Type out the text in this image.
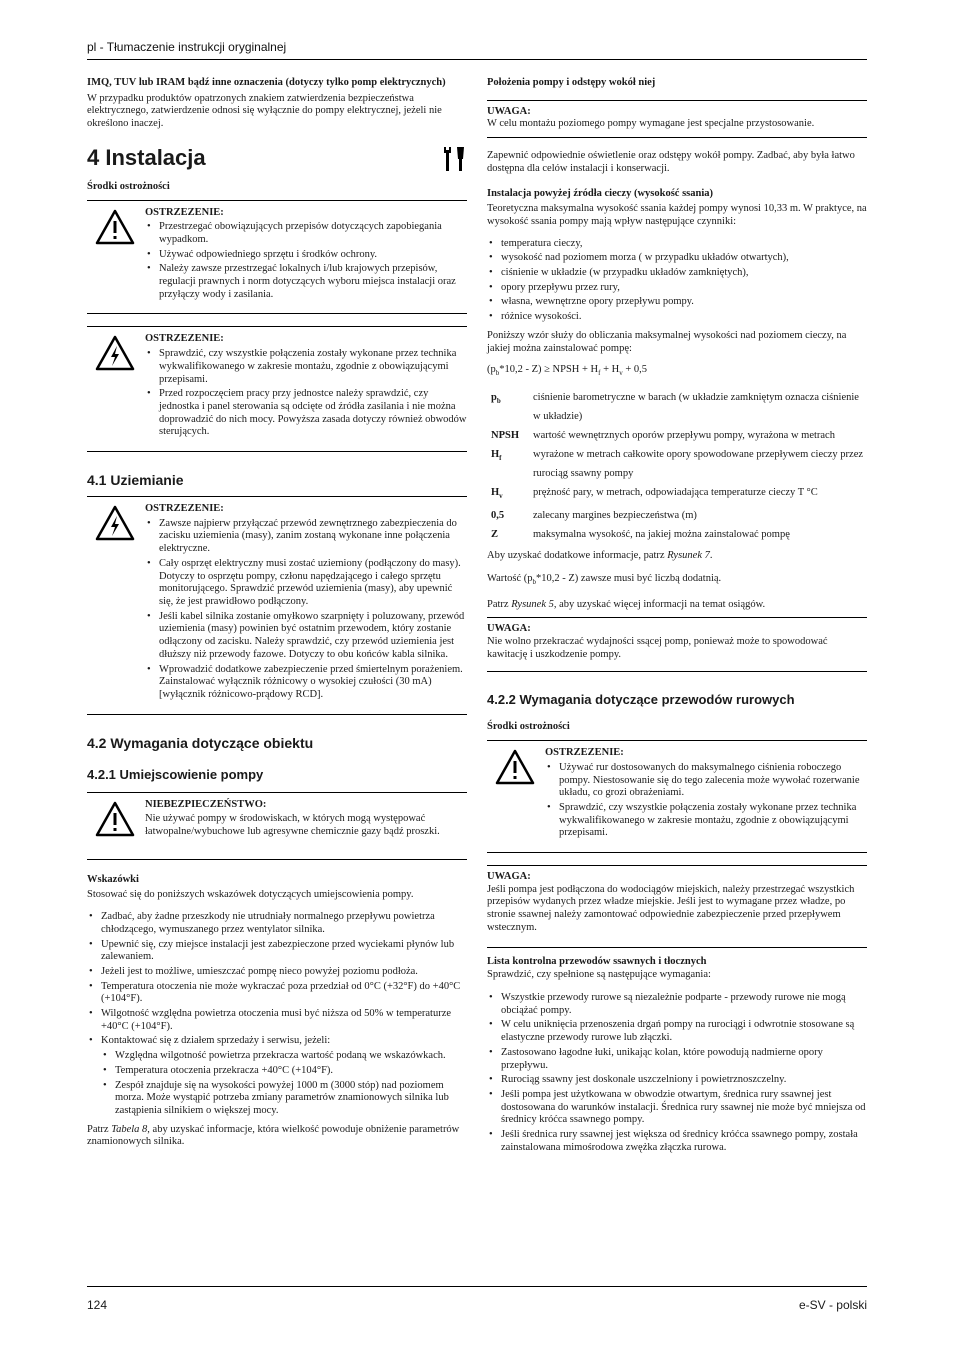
pl - Tłumaczenie instrukcji oryginalnej
IMQ, TUV lub IRAM bądź inne oznaczenia (dotyczy tylko pomp elektrycznych)
W przypadku produktów opatrzonych znakiem zatwierdzenia bezpieczeństwa elektrycznego, zatwierdzenie odnosi się wyłącznie do pompy elektrycznej, jeżeli nie określono inaczej.
4 Instalacja
Środki ostrożności
OSTRZEZENIE:
• Przestrzegać obowiązujących przepisów dotyczących zapobiegania wypadkom.
• Używać odpowiedniego sprzętu i środków ochrony.
• Należy zawsze przestrzegać lokalnych i/lub krajowych przepisów, regulacji prawnych i norm dotyczących wyboru miejsca instalacji oraz przyłączy wody i zasilania.
OSTRZEZENIE:
• Sprawdzić, czy wszystkie połączenia zostały wykonane przez technika wykwalifikowanego w zakresie montażu, zgodnie z obowiązującymi przepisami.
• Przed rozpoczęciem pracy przy jednostce należy sprawdzić, czy jednostka i panel sterowania są odcięte od źródła zasilania i nie można doprowadzić do nich mocy. Powyższa zasada dotyczy również obwodów sterujących.
4.1 Uziemianie
OSTRZEZENIE:
• Zawsze najpierw przyłączać przewód zewnętrznego zabezpieczenia do zacisku uziemienia (masy), zanim zostaną wykonane inne połączenia elektryczne.
• Cały osprzęt elektryczny musi zostać uziemiony (podłączony do masy). Dotyczy to osprzętu pompy, członu napędzającego i całego sprzętu monitorującego. Sprawdzić przewód uziemienia (masy), aby upewnić się, że jest prawidłowo podłączony.
• Jeśli kabel silnika zostanie omyłkowo szarpnięty i poluzowany, przewód uziemienia (masy) powinien być ostatnim przewodem, który zostanie odłączony od zacisku. Należy sprawdzić, czy przewód uziemienia jest dłuższy niż przewody fazowe. Dotyczy to obu końców kabla silnika.
• Wprowadzić dodatkowe zabezpieczenie przed śmiertelnym porażeniem. Zainstalować wyłącznik różnicowy o wysokiej czułości (30 mA) [wyłącznik różnicowo-prądowy RCD].
4.2 Wymagania dotyczące obiektu
4.2.1 Umiejscowienie pompy
NIEBEZPIECZEŃSTWO:
Nie używać pompy w środowiskach, w których mogą występować łatwopalne/wybuchowe lub agresywne chemicznie gazy bądź proszki.
Wskazówki
Stosować się do poniższych wskazówek dotyczących umiejscowienia pompy.
• Zadbać, aby żadne przeszkody nie utrudniały normalnego przepływu powietrza chłodzącego, wymuszanego przez wentylator silnika.
• Upewnić się, czy miejsce instalacji jest zabezpieczone przed wyciekami płynów lub zalewaniem.
• Jeżeli jest to możliwe, umieszczać pompę nieco powyżej poziomu podłoża.
• Temperatura otoczenia nie może wykraczać poza przedział od 0°C (+32°F) do +40°C (+104°F).
• Wilgotność względna powietrza otoczenia musi być niższa od 50% w temperaturze +40°C (+104°F).
• Kontaktować się z działem sprzedaży i serwisu, jeżeli:
• Względna wilgotność powietrza przekracza wartość podaną we wskazówkach.
• Temperatura otoczenia przekracza +40°C (+104°F).
• Zespół znajduje się na wysokości powyżej 1000 m (3000 stóp) nad poziomem morza. Może wystąpić potrzeba zmiany parametrów znamionowych silnika lub zastąpienia silnikiem o większej mocy.
Patrz Tabela 8, aby uzyskać informacje, która wielkość powoduje obniżenie parametrów znamionowych silnika.
Położenia pompy i odstępy wokół niej
UWAGA:
W celu montażu poziomego pompy wymagane jest specjalne przystosowanie.
Zapewnić odpowiednie oświetlenie oraz odstępy wokół pompy. Zadbać, aby była łatwo dostępna dla celów instalacji i konserwacji.
Instalacja powyżej źródła cieczy (wysokość ssania)
Teoretyczna maksymalna wysokość ssania każdej pompy wynosi 10,33 m. W praktyce, na wysokość ssania pompy mają wpływ następujące czynniki:
• temperatura cieczy,
• wysokość nad poziomem morza ( w przypadku układów otwartych),
• ciśnienie w układzie (w przypadku układów zamkniętych),
• opory przepływu przez rury,
• własna, wewnętrzne opory przepływu pompy.
• różnice wysokości.
Poniższy wzór służy do obliczania maksymalnej wysokości nad poziomem cieczy, na jakiej można zainstalować pompę:
$(p_b*10,2 - Z)$ ≥ NPSH + $H_f + H_v + 0,5$
$p_b$	ciśnienie barometryczne w barach (w układzie zamkniętym oznacza ciśnienie w układzie)
NPSH	wartość wewnętrznych oporów przepływu pompy, wyrażona w metrach
$H_f$	wyrażone w metrach całkowite opory spowodowane przepływem cieczy przez rurociąg ssawny pompy
$H_v$	prężność pary, w metrach, odpowiadająca temperaturze cieczy T °C
0,5	zalecany margines bezpieczeństwa (m)
Z	maksymalna wysokość, na jakiej można zainstalować pompę
Aby uzyskać dodatkowe informacje, patrz Rysunek 7.
Wartość $(p_b*10,2 - Z)$ zawsze musi być liczbą dodatnią.
Patrz Rysunek 5, aby uzyskać więcej informacji na temat osiągów.
UWAGA:
Nie wolno przekraczać wydajności ssącej pomp, ponieważ może to spowodować kawitację i uszkodzenie pompy.
4.2.2 Wymagania dotyczące przewodów rurowych
Środki ostrożności
OSTRZEZENIE:
• Używać rur dostosowanych do maksymalnego ciśnienia roboczego pompy. Niestosowanie się do tego zalecenia może wywołać rozerwanie układu, co grozi obrażeniami.
• Sprawdzić, czy wszystkie połączenia zostały wykonane przez technika wykwalifikowanego w zakresie montażu, zgodnie z obowiązującymi przepisami.
UWAGA:
Jeśli pompa jest podłączona do wodociągów miejskich, należy przestrzegać wszystkich przepisów wydanych przez władze miejskie. Jeśli jest to wymagane przez władze, po stronie ssawnej należy zamontować odpowiednie zabezpieczenie przed przepływem wstecznym.
Lista kontrolna przewodów ssawnych i tłocznych
Sprawdzić, czy spełnione są następujące wymagania:
• Wszystkie przewody rurowe są niezależnie podparte - przewody rurowe nie mogą obciążać pompy.
• W celu uniknięcia przenoszenia drgań pompy na rurociągi i odwrotnie stosowane są elastyczne przewody rurowe lub złączki.
• Zastosowano łagodne łuki, unikając kolan, które powodują nadmierne opory przepływu.
• Rurociąg ssawny jest doskonale uszczelniony i powietrznoszczelny.
• Jeśli pompa jest użytkowana w obwodzie otwartym, średnica rury ssawnej jest dostosowana do warunków instalacji. Średnica rury ssawnej nie może być mniejsza od średnicy króćca ssawnego pompy.
• Jeśli średnica rury ssawnej jest większa od średnicy króćca ssawnego pompy, została zainstalowana mimośrodowa zwężka złączka rurowa.
124	e-SV - polski
